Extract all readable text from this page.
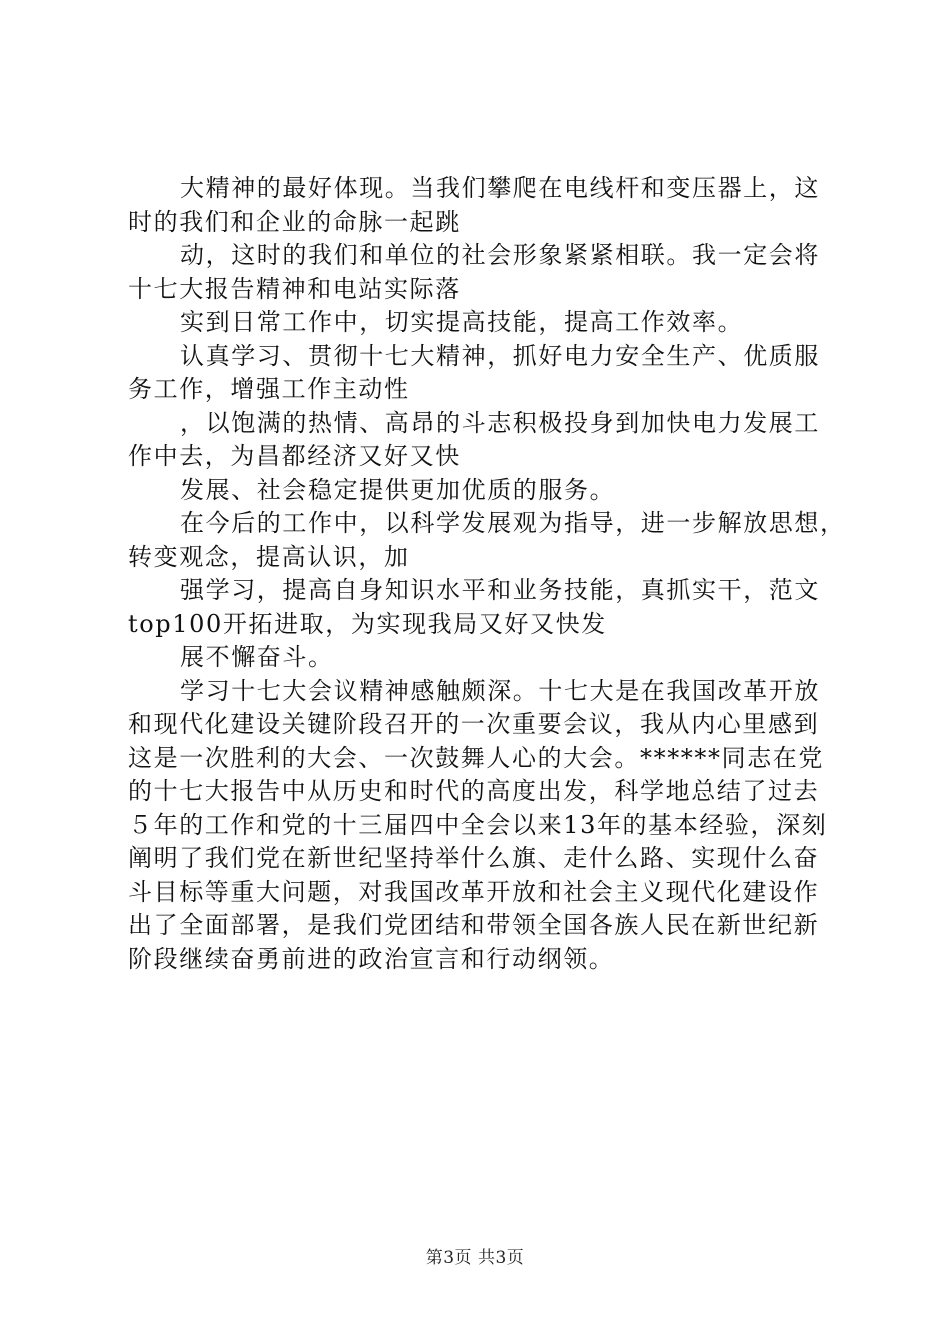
大精神的最好体现。当我们攀爬在电线杆和变压器上，这
时的我们和企业的命脉一起跳
动，这时的我们和单位的社会形象紧紧相联。我一定会将
十七大报告精神和电站实际落
实到日常工作中，切实提高技能，提高工作效率。
认真学习、贯彻十七大精神，抓好电力安全生产、优质服
务工作，增强工作主动性
，以饱满的热情、高昂的斗志积极投身到加快电力发展工
作中去，为昌都经济又好又快
发展、社会稳定提供更加优质的服务。
在今后的工作中，以科学发展观为指导，进一步解放思想，
转变观念，提高认识，加
强学习，提高自身知识水平和业务技能，真抓实干，范文
top100开拓进取，为实现我局又好又快发
展不懈奋斗。
学习十七大会议精神感触颇深。十七大是在我国改革开放
和现代化建设关键阶段召开的一次重要会议，我从内心里感到
这是一次胜利的大会、一次鼓舞人心的大会。******同志在党
的十七大报告中从历史和时代的高度出发，科学地总结了过去
５年的工作和党的十三届四中全会以来13年的基本经验，深刻
阐明了我们党在新世纪坚持举什么旗、走什么路、实现什么奋
斗目标等重大问题，对我国改革开放和社会主义现代化建设作
出了全面部署，是我们党团结和带领全国各族人民在新世纪新
阶段继续奋勇前进的政治宣言和行动纲领。
第3页 共3页
